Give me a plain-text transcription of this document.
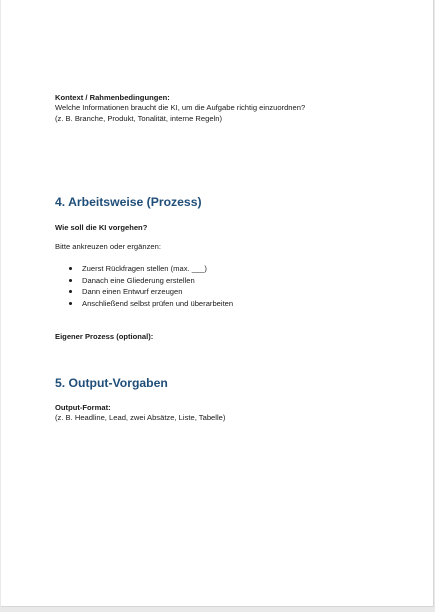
Kontext / Rahmenbedingungen:
Welche Informationen braucht die KI, um die Aufgabe richtig einzuordnen?
(z. B. Branche, Produkt, Tonalität, interne Regeln)
4. Arbeitsweise (Prozess)
Wie soll die KI vorgehen?
Bitte ankreuzen oder ergänzen:
Zuerst Rückfragen stellen (max. ___)
Danach eine Gliederung erstellen
Dann einen Entwurf erzeugen
Anschließend selbst prüfen und überarbeiten
Eigener Prozess (optional):
5. Output-Vorgaben
Output-Format:
(z. B. Headline, Lead, zwei Absätze, Liste, Tabelle)
